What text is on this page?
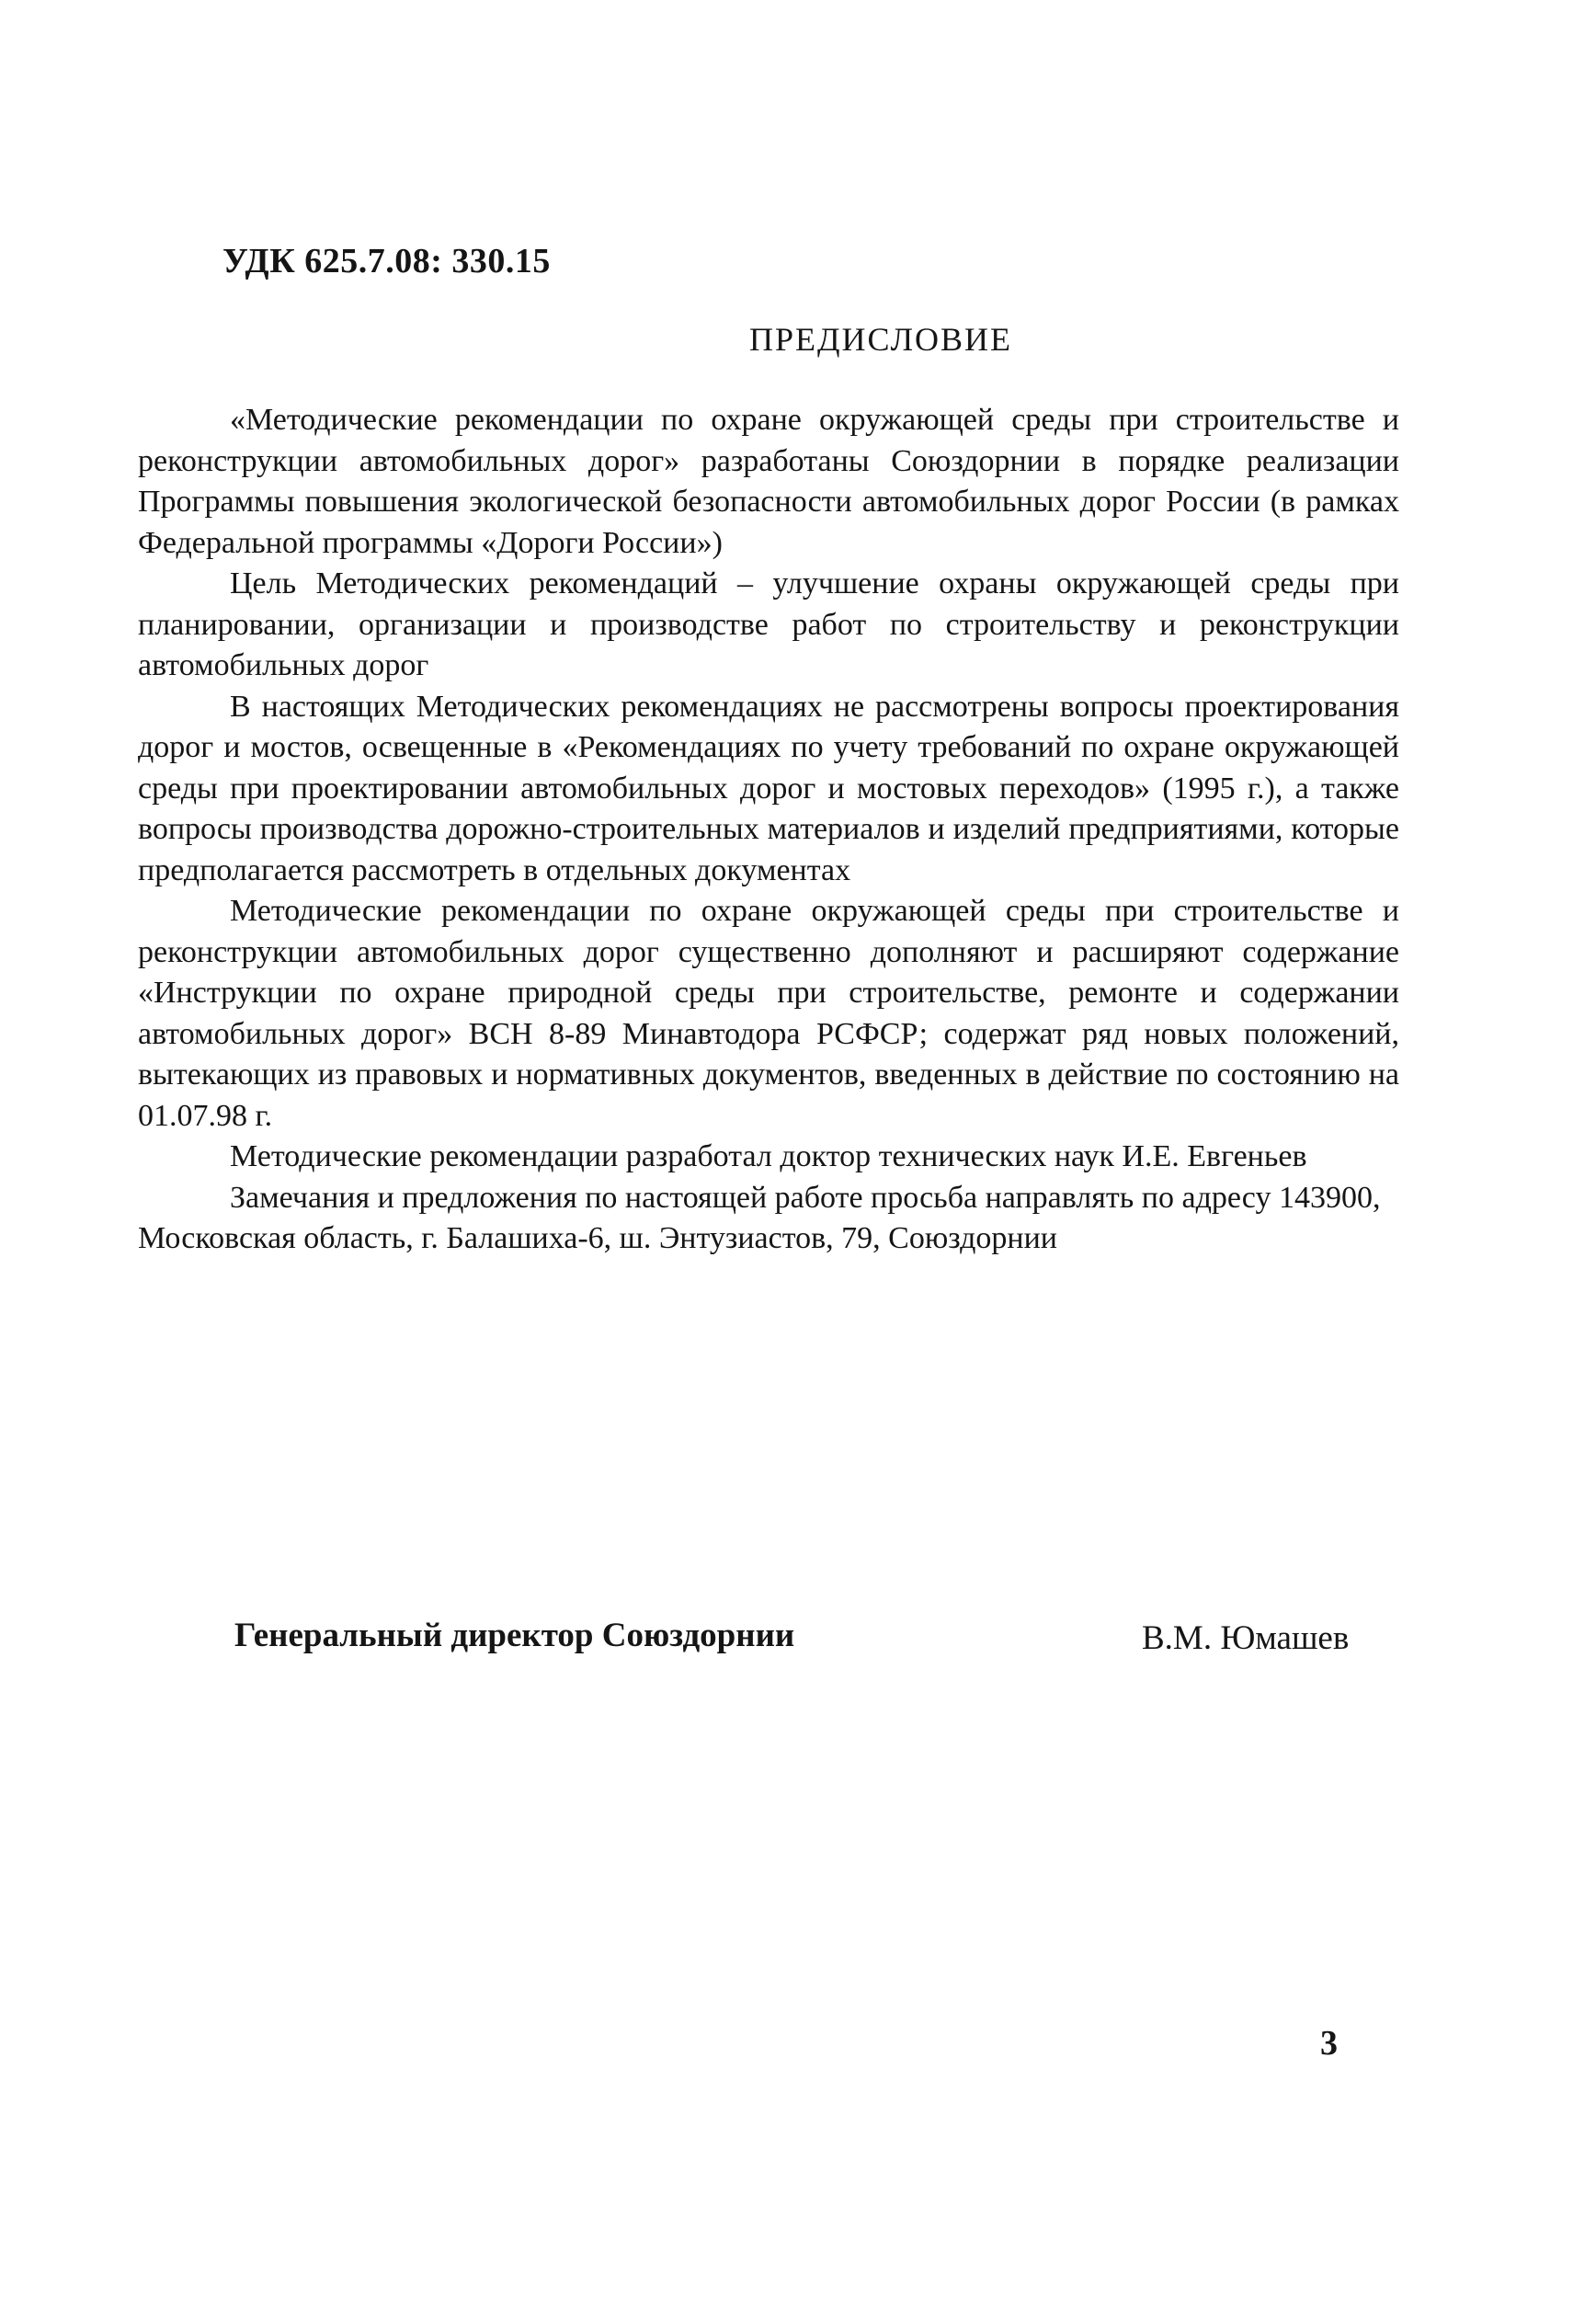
УДК 625.7.08: 330.15
ПРЕДИСЛОВИЕ

«Методические рекомендации по охране окружающей среды при строительстве и реконструкции автомобильных дорог» разработаны Союздорнии в порядке реализации Программы повышения экологической безопасности автомобильных дорог России (в рамках Федеральной программы «Дороги России»)

Цель Методических рекомендаций – улучшение охраны окружающей среды при планировании, организации и производстве работ по строительству и реконструкции автомобильных дорог

В настоящих Методических рекомендациях не рассмотрены вопросы проектирования дорог и мостов, освещенные в «Рекомендациях по учету требований по охране окружающей среды при проектировании автомобильных дорог и мостовых переходов» (1995 г.), а также вопросы производства дорожно-строительных материалов и изделий предприятиями, которые предполагается рассмотреть в отдельных документах

Методические рекомендации по охране окружающей среды при строительстве и реконструкции автомобильных дорог существенно дополняют и расширяют содержание «Инструкции по охране природной среды при строительстве, ремонте и содержании автомобильных дорог» ВСН 8-89 Минавтодора РСФСР; содержат ряд новых положений, вытекающих из правовых и нормативных документов, введенных в действие по состоянию на 01.07.98 г.

Методические рекомендации разработал доктор технических наук И.Е. Евгеньев

Замечания и предложения по настоящей работе просьба направлять по адресу 143900, Московская область, г. Балашиха-6, ш. Энтузиастов, 79, Союздорнии

Генеральный директор Союздорнии	В.М. Юмашев
3
